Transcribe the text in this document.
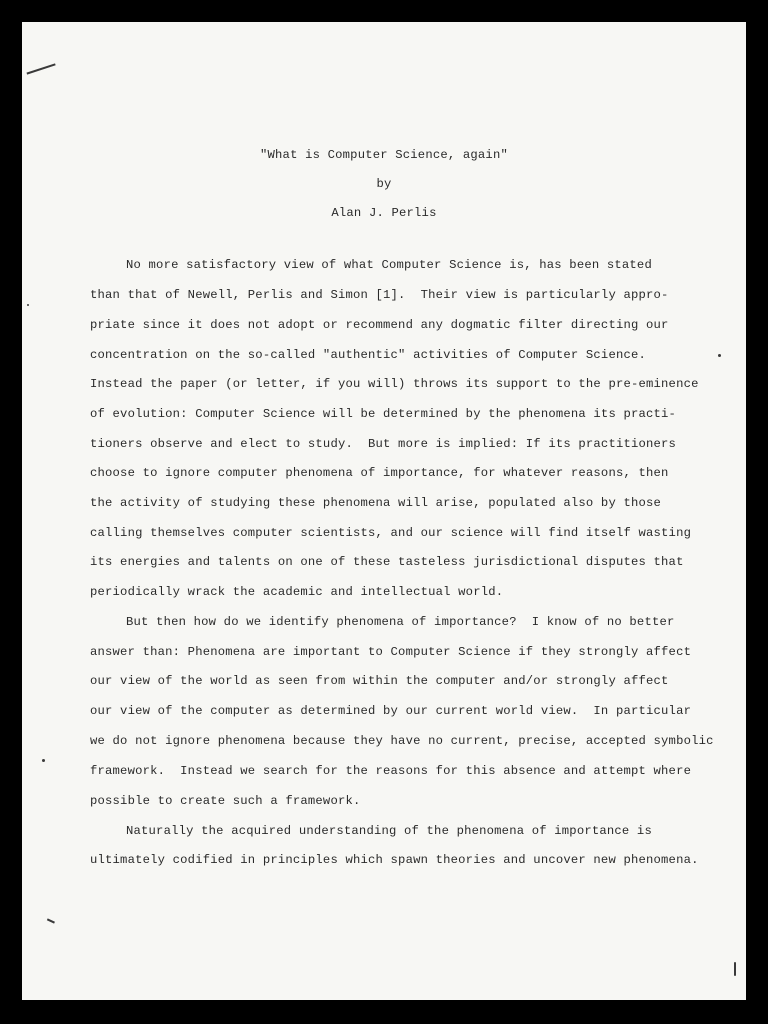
"What is Computer Science, again"
by
Alan J. Perlis
No more satisfactory view of what Computer Science is, has been stated
than that of Newell, Perlis and Simon [1].  Their view is particularly appro-
priate since it does not adopt or recommend any dogmatic filter directing our
concentration on the so-called "authentic" activities of Computer Science.
Instead the paper (or letter, if you will) throws its support to the pre-eminence
of evolution: Computer Science will be determined by the phenomena its practi-
tioners observe and elect to study.  But more is implied: If its practitioners
choose to ignore computer phenomena of importance, for whatever reasons, then
the activity of studying these phenomena will arise, populated also by those
calling themselves computer scientists, and our science will find itself wasting
its energies and talents on one of these tasteless jurisdictional disputes that
periodically wrack the academic and intellectual world.
But then how do we identify phenomena of importance?  I know of no better
answer than: Phenomena are important to Computer Science if they strongly affect
our view of the world as seen from within the computer and/or strongly affect
our view of the computer as determined by our current world view.  In particular
we do not ignore phenomena because they have no current, precise, accepted symbolic
framework.  Instead we search for the reasons for this absence and attempt where
possible to create such a framework.
Naturally the acquired understanding of the phenomena of importance is
ultimately codified in principles which spawn theories and uncover new phenomena.
